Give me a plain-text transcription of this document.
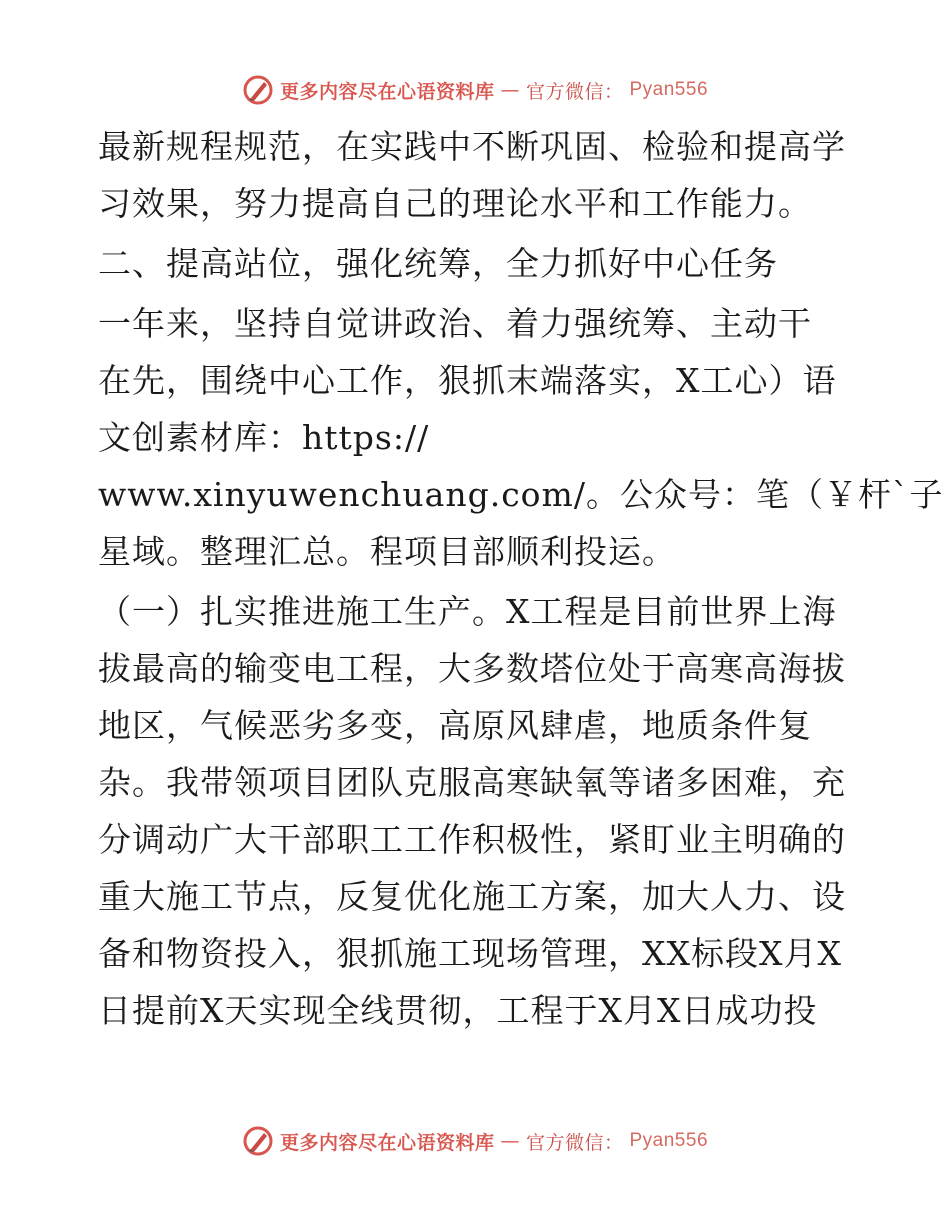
更多内容尽在心语资料库 — 官方微信： Pyan556
最新规程规范，在实践中不断巩固、检验和提高学
习效果，努力提高自己的理论水平和工作能力。
二、提高站位，强化统筹，全力抓好中心任务
一年来，坚持自觉讲政治、着力强统筹、主动干
在先，围绕中心工作，狠抓末端落实，X工心）语
文创素材库：https://
www.xinyuwenchuang.com/。公众号：笔（￥杆`子
星域。整理汇总。程项目部顺利投运。
（一）扎实推进施工生产。X工程是目前世界上海
拔最高的输变电工程，大多数塔位处于高寒高海拔
地区，气候恶劣多变，高原风肆虐，地质条件复
杂。我带领项目团队克服高寒缺氧等诸多困难，充
分调动广大干部职工工作积极性，紧盯业主明确的
重大施工节点，反复优化施工方案，加大人力、设
备和物资投入，狠抓施工现场管理，XX标段X月X
日提前X天实现全线贯彻，工程于X月X日成功投
更多内容尽在心语资料库 — 官方微信： Pyan556
